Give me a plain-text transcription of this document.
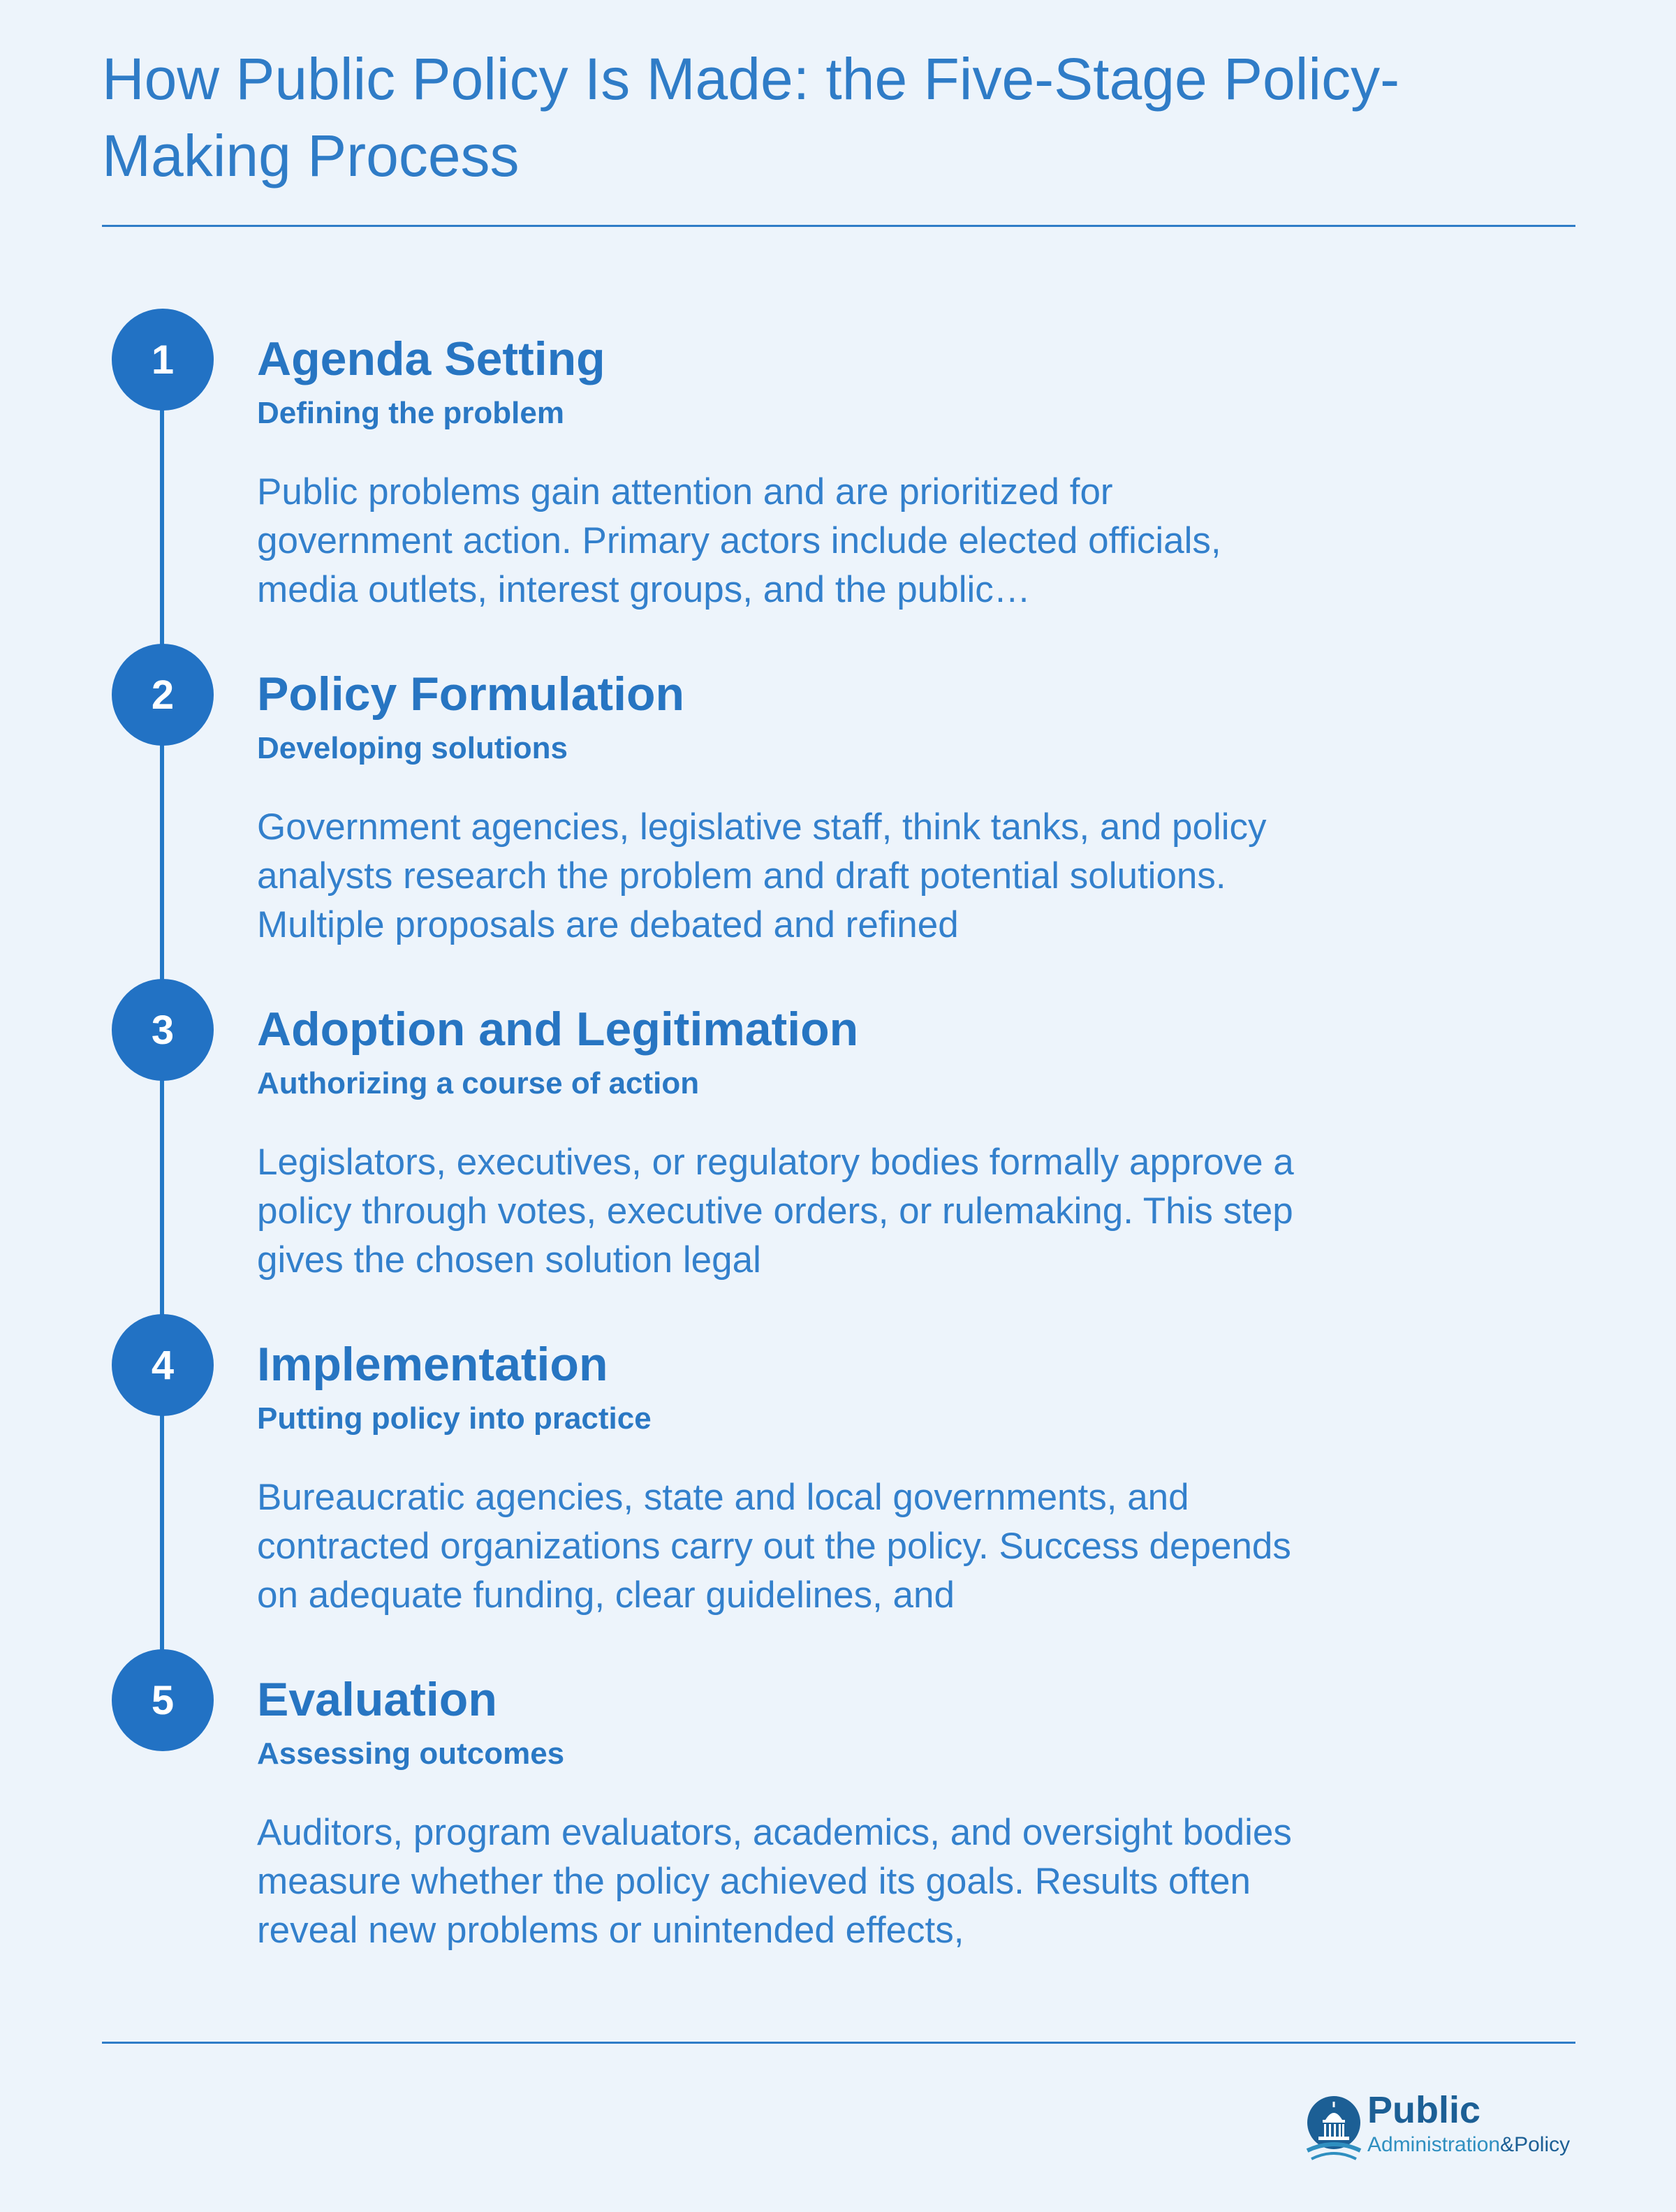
How Public Policy Is Made: the Five-Stage Policy-Making Process
1	Agenda Setting
Defining the problem
Public problems gain attention and are prioritized for government action. Primary actors include elected officials, media outlets, interest groups, and the public…
2	Policy Formulation
Developing solutions
Government agencies, legislative staff, think tanks, and policy analysts research the problem and draft potential solutions. Multiple proposals are debated and refined
3	Adoption and Legitimation
Authorizing a course of action
Legislators, executives, or regulatory bodies formally approve a policy through votes, executive orders, or rulemaking. This step gives the chosen solution legal
4	Implementation
Putting policy into practice
Bureaucratic agencies, state and local governments, and contracted organizations carry out the policy. Success depends on adequate funding, clear guidelines, and
5	Evaluation
Assessing outcomes
Auditors, program evaluators, academics, and oversight bodies measure whether the policy achieved its goals. Results often reveal new problems or unintended effects,
Public
Administration&Policy
